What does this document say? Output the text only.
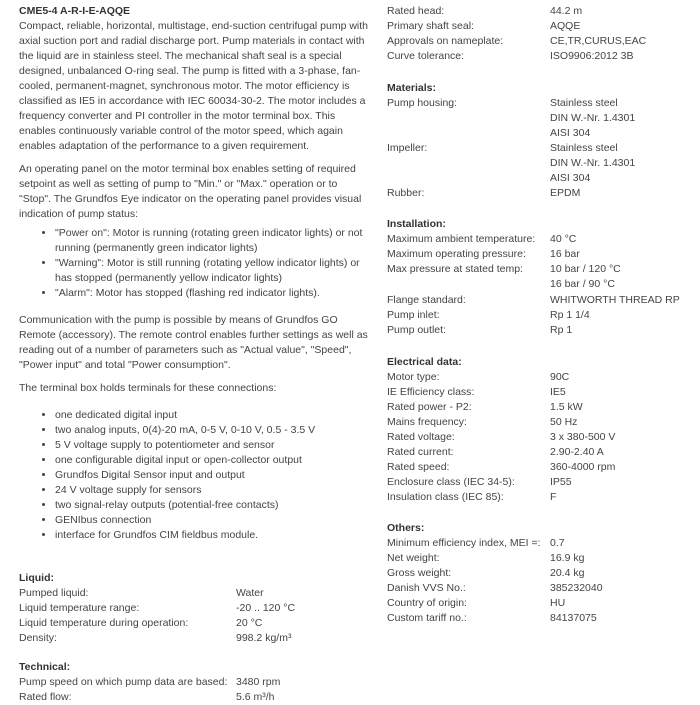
CME5-4 A-R-I-E-AQQE

Compact, reliable, horizontal, multistage, end-suction centrifugal pump with axial suction port and radial discharge port. Pump materials in contact with the liquid are in stainless steel. The mechanical shaft seal is a special designed, unbalanced O-ring seal. The pump is fitted with a 3-phase, fan-cooled, permanent-magnet, synchronous motor. The motor efficiency is classified as IE5 in accordance with IEC 60034-30-2. The motor includes a frequency converter and PI controller in the motor terminal box. This enables continuously variable control of the motor speed, which again enables adaptation of the performance to a given requirement.

An operating panel on the motor terminal box enables setting of required setpoint as well as setting of pump to "Min." or "Max." operation or to "Stop". The Grundfos Eye indicator on the operating panel provides visual indication of pump status:

• "Power on": Motor is running (rotating green indicator lights) or not running (permanently green indicator lights)
• "Warning": Motor is still running (rotating yellow indicator lights) or has stopped (permanently yellow indicator lights)
• "Alarm": Motor has stopped (flashing red indicator lights).

Communication with the pump is possible by means of Grundfos GO Remote (accessory). The remote control enables further settings as well as reading out of a number of parameters such as "Actual value", "Speed", "Power input" and total "Power consumption".

The terminal box holds terminals for these connections:

• one dedicated digital input
• two analog inputs, 0(4)-20 mA, 0-5 V, 0-10 V, 0.5 - 3.5 V
• 5 V voltage supply to potentiometer and sensor
• one configurable digital input or open-collector output
• Grundfos Digital Sensor input and output
• 24 V voltage supply for sensors
• two signal-relay outputs (potential-free contacts)
• GENIbus connection
• interface for Grundfos CIM fieldbus module.
Liquid:
Pumped liquid:	Water
Liquid temperature range:	-20 .. 120 °C
Liquid temperature during operation:	20 °C
Density:	998.2 kg/m³
Technical:
Pump speed on which pump data are based: 3480 rpm
Rated flow:	5.6 m³/h
Rated head:	44.2 m
Primary shaft seal:	AQQE
Approvals on nameplate:	CE,TR,CURUS,EAC
Curve tolerance:	ISO9906:2012 3B
Materials:
Pump housing:	Stainless steel
DIN W.-Nr. 1.4301
AISI 304
Impeller:	Stainless steel
DIN W.-Nr. 1.4301
AISI 304
Rubber:	EPDM
Installation:
Maximum ambient temperature:	40 °C
Maximum operating pressure:	16 bar
Max pressure at stated temp:	10 bar / 120 °C
16 bar / 90 °C
Flange standard:	WHITWORTH THREAD RP
Pump inlet:	Rp 1 1/4
Pump outlet:	Rp 1
Electrical data:
Motor type:	90C
IE Efficiency class:	IE5
Rated power - P2:	1.5 kW
Mains frequency:	50 Hz
Rated voltage:	3 x 380-500 V
Rated current:	2.90-2.40 A
Rated speed:	360-4000 rpm
Enclosure class (IEC 34-5):	IP55
Insulation class (IEC 85):	F
Others:
Minimum efficiency index, MEI =: 0.7
Net weight:	16.9 kg
Gross weight:	20.4 kg
Danish VVS No.:	385232040
Country of origin:	HU
Custom tariff no.:	84137075
